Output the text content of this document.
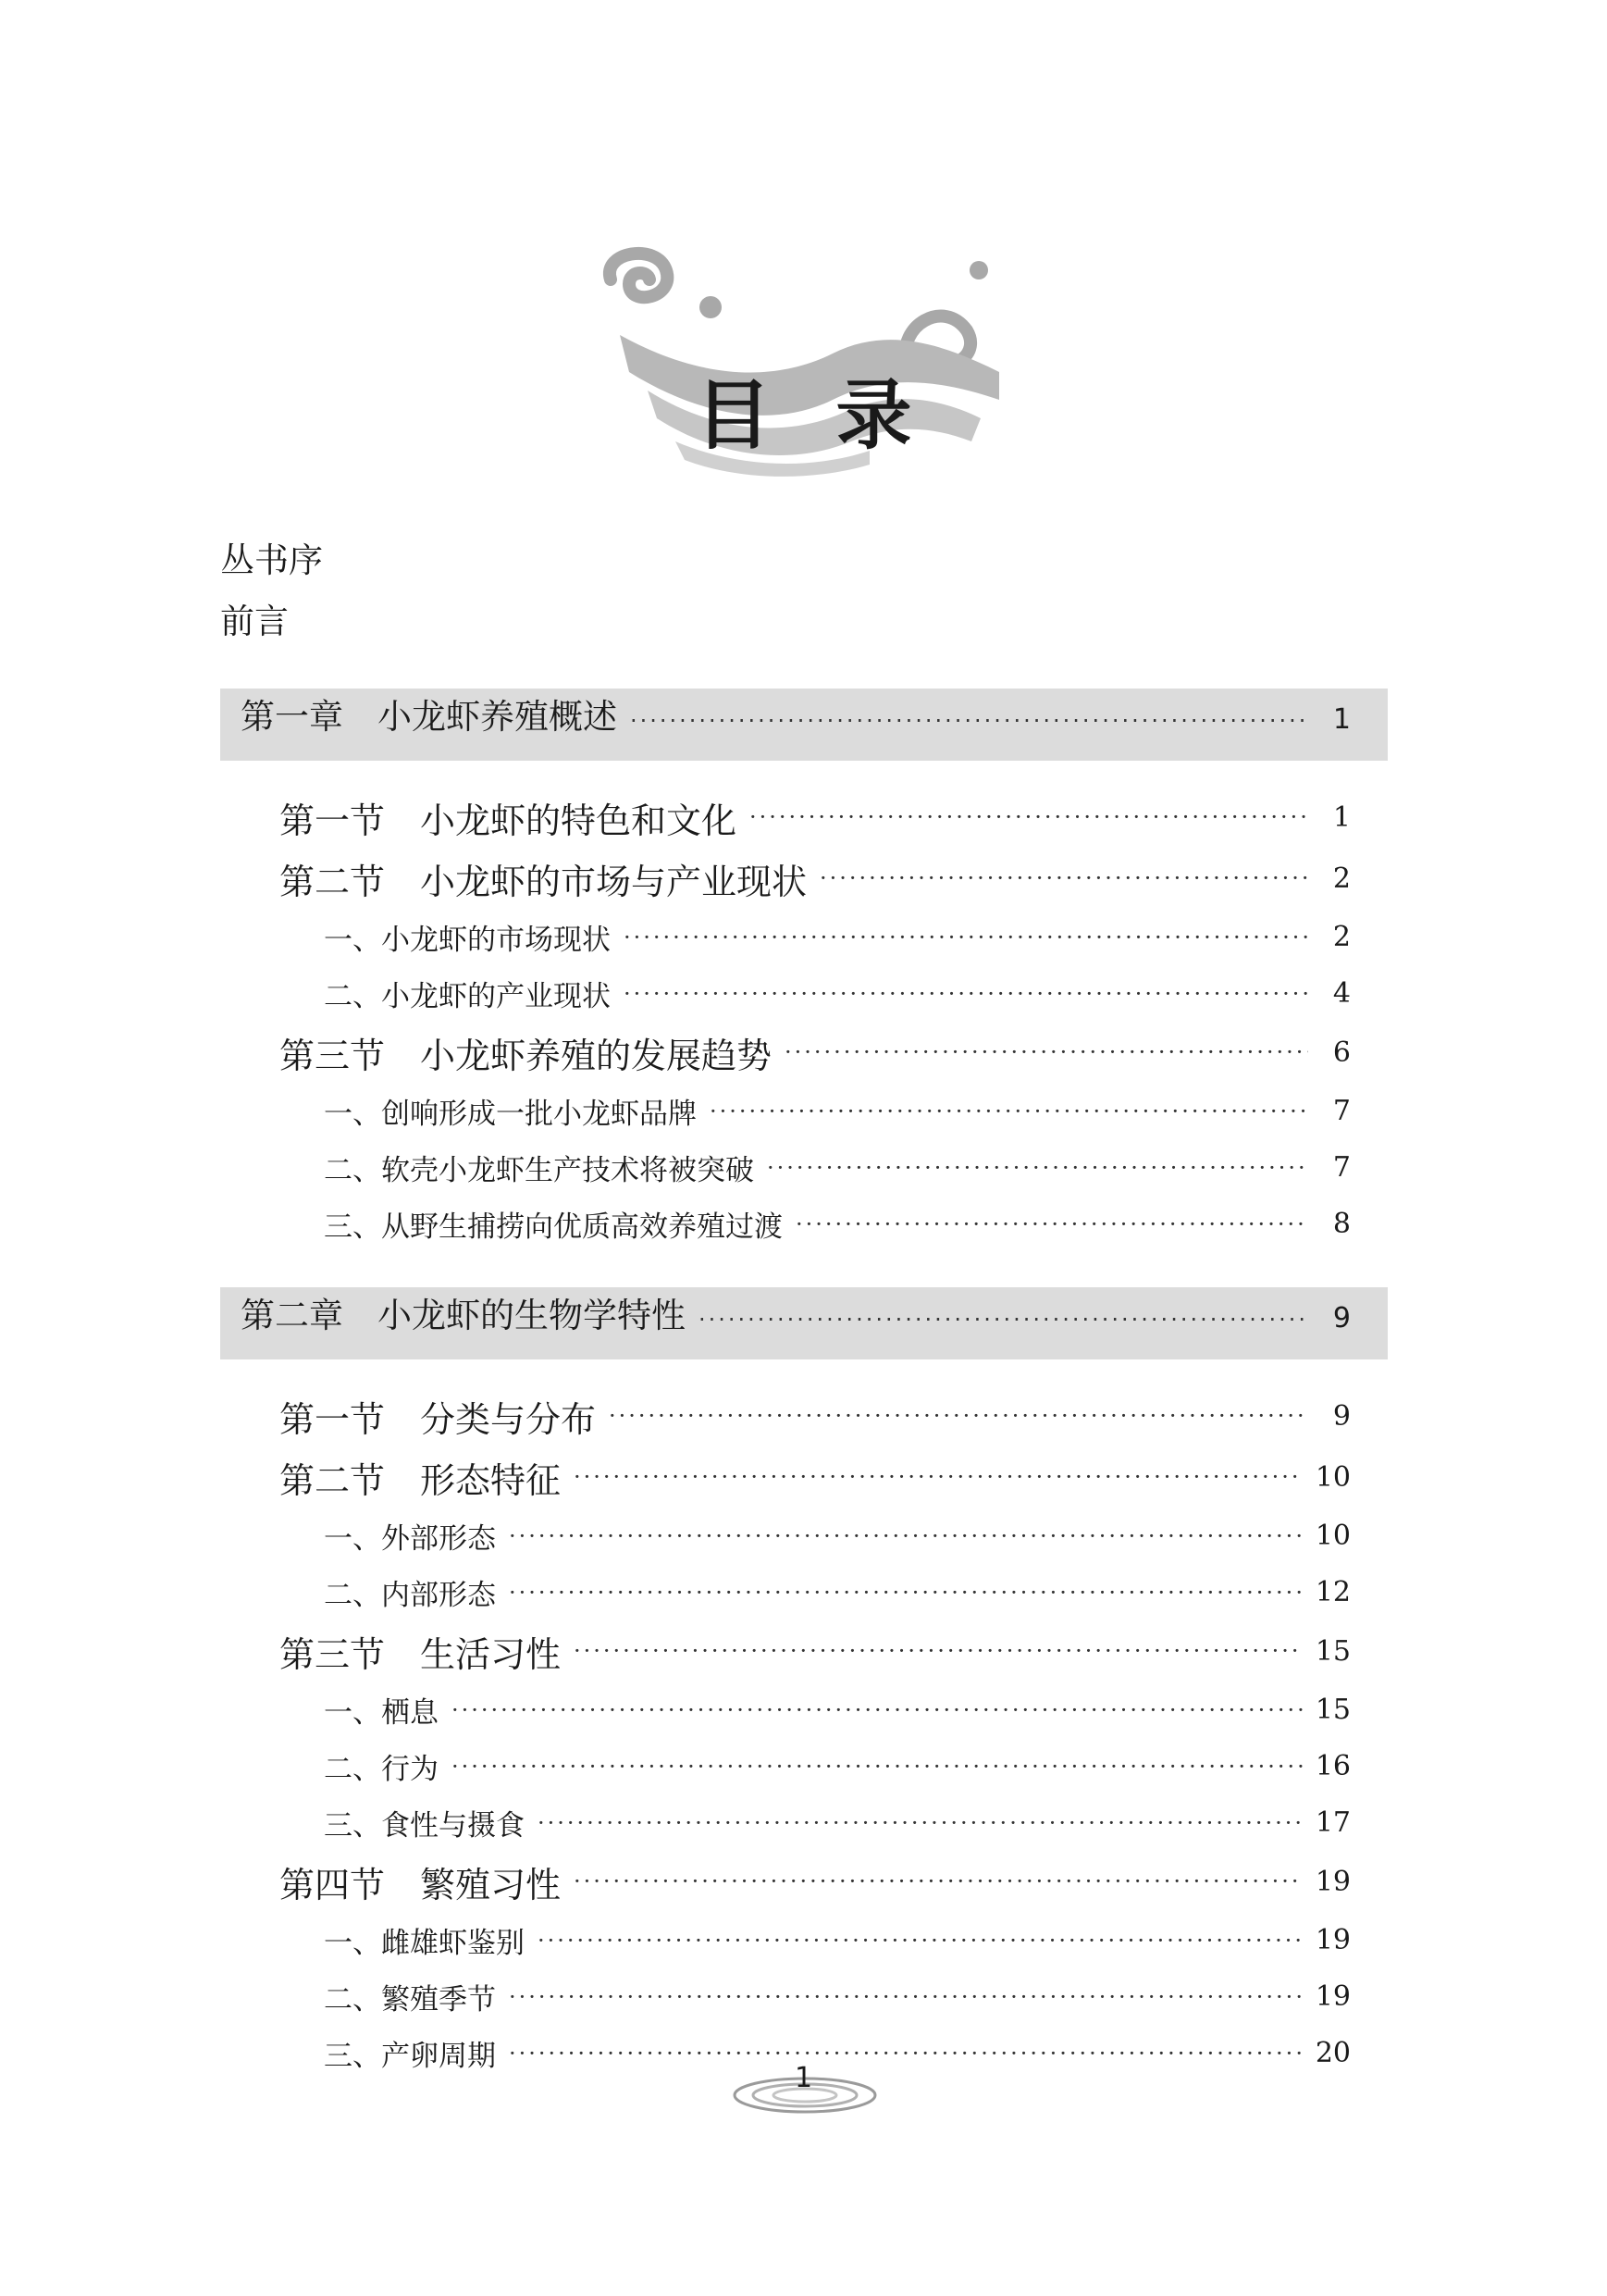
目录
丛书序
前言
第一章　小龙虾养殖概述 ·····	1
第一节　小龙虾的特色和文化 ·····	1
第二节　小龙虾的市场与产业现状 ·····	2
一、小龙虾的市场现状 ·····	2
二、小龙虾的产业现状 ·····	4
第三节　小龙虾养殖的发展趋势 ·····	6
一、创响形成一批小龙虾品牌 ·····	7
二、软壳小龙虾生产技术将被突破 ·····	7
三、从野生捕捞向优质高效养殖过渡 ·····	8
第二章　小龙虾的生物学特性 ·····	9
第一节　分类与分布 ·····	9
第二节　形态特征 ·····	10
一、外部形态 ·····	10
二、内部形态 ·····	12
第三节　生活习性 ·····	15
一、栖息 ·····	15
二、行为 ·····	16
三、食性与摄食 ·····	17
第四节　繁殖习性 ·····	19
一、雌雄虾鉴别 ·····	19
二、繁殖季节 ·····	19
三、产卵周期 ·····	20
1
